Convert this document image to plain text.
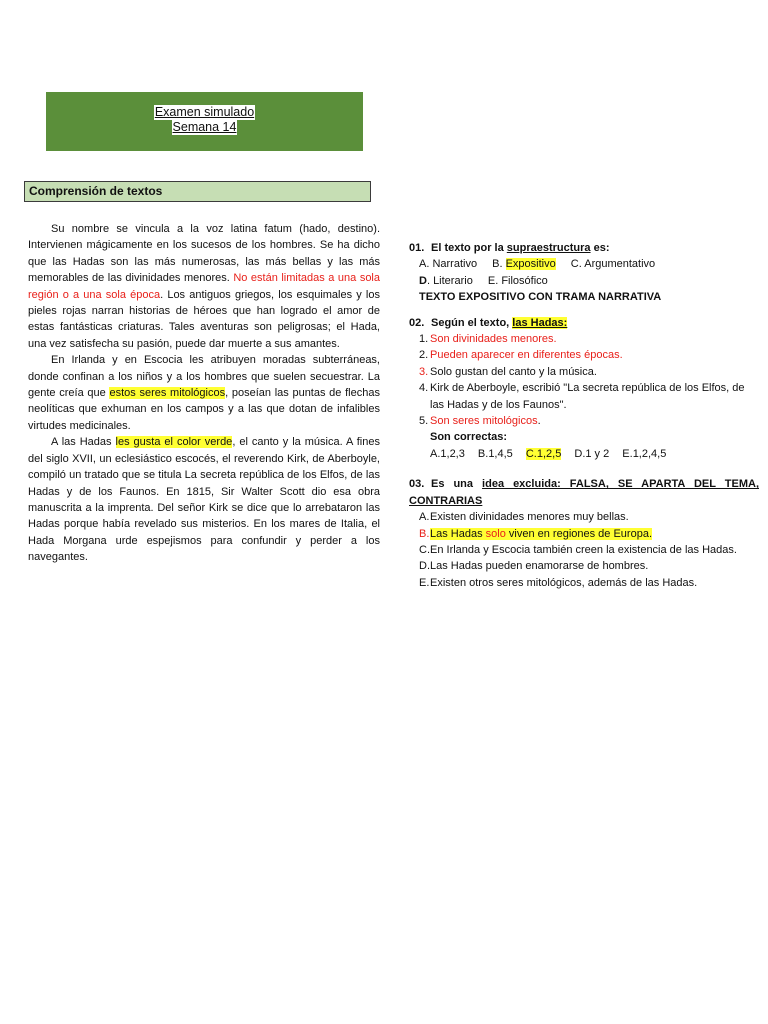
Examen simulado
Semana 14
Comprensión de textos

Su nombre se vincula a la voz latina fatum (hado, destino). Intervienen mágicamente en los sucesos de los hombres. Se ha dicho que las Hadas son las más numerosas, las más bellas y las más memorables de las divinidades menores. No están limitadas a una sola región o a una sola época. Los antiguos griegos, los esquimales y los pieles rojas narran historias de héroes que han logrado el amor de estas fantásticas criaturas. Tales aventuras son peligrosas; el Hada, una vez satisfecha su pasión, puede dar muerte a sus amantes.

En Irlanda y en Escocia les atribuyen moradas subterráneas, donde confinan a los niños y a los hombres que suelen secuestrar. La gente creía que estos seres mitológicos, poseían las puntas de flechas neolíticas que exhuman en los campos y a las que dotan de infalibles virtudes medicinales.

A las Hadas les gusta el color verde, el canto y la música. A fines del siglo XVII, un eclesiástico escocés, el reverendo Kirk, de Aberboyle, compiló un tratado que se titula La secreta república de los Elfos, de las Hadas y de los Faunos. En 1815, Sir Walter Scott dio esa obra manuscrita a la imprenta. Del señor Kirk se dice que lo arrebataron las Hadas porque había revelado sus misterios. En los mares de Italia, el Hada Morgana urde espejismos para confundir y perder a los navegantes.

01. El texto por la supraestructura es:

A. Narrativo B. Expositivo C. Argumentativo
D. Literario E. Filosófico
TEXTO EXPOSITIVO CON TRAMA NARRATIVA

02. Según el texto, las Hadas:

1. Son divinidades menores.
2. Pueden aparecer en diferentes épocas.
3. Solo gustan del canto y la música.
4. Kirk de Aberboyle, escribió "La secreta república de los Elfos, de las Hadas y de los Faunos".
5. Son seres mitológicos.
Son correctas:
A.1,2,3 B.1,4,5 C.1,2,5 D.1 y 2 E.1,2,4,5

03. Es una idea excluida: FALSA, SE APARTA DEL TEMA, CONTRARIAS

A. Existen divinidades menores muy bellas.
B. Las Hadas solo viven en regiones de Europa.
C. En Irlanda y Escocia también creen la existencia de las Hadas.
D. Las Hadas pueden enamorarse de hombres.
E. Existen otros seres mitológicos, además de las Hadas.
